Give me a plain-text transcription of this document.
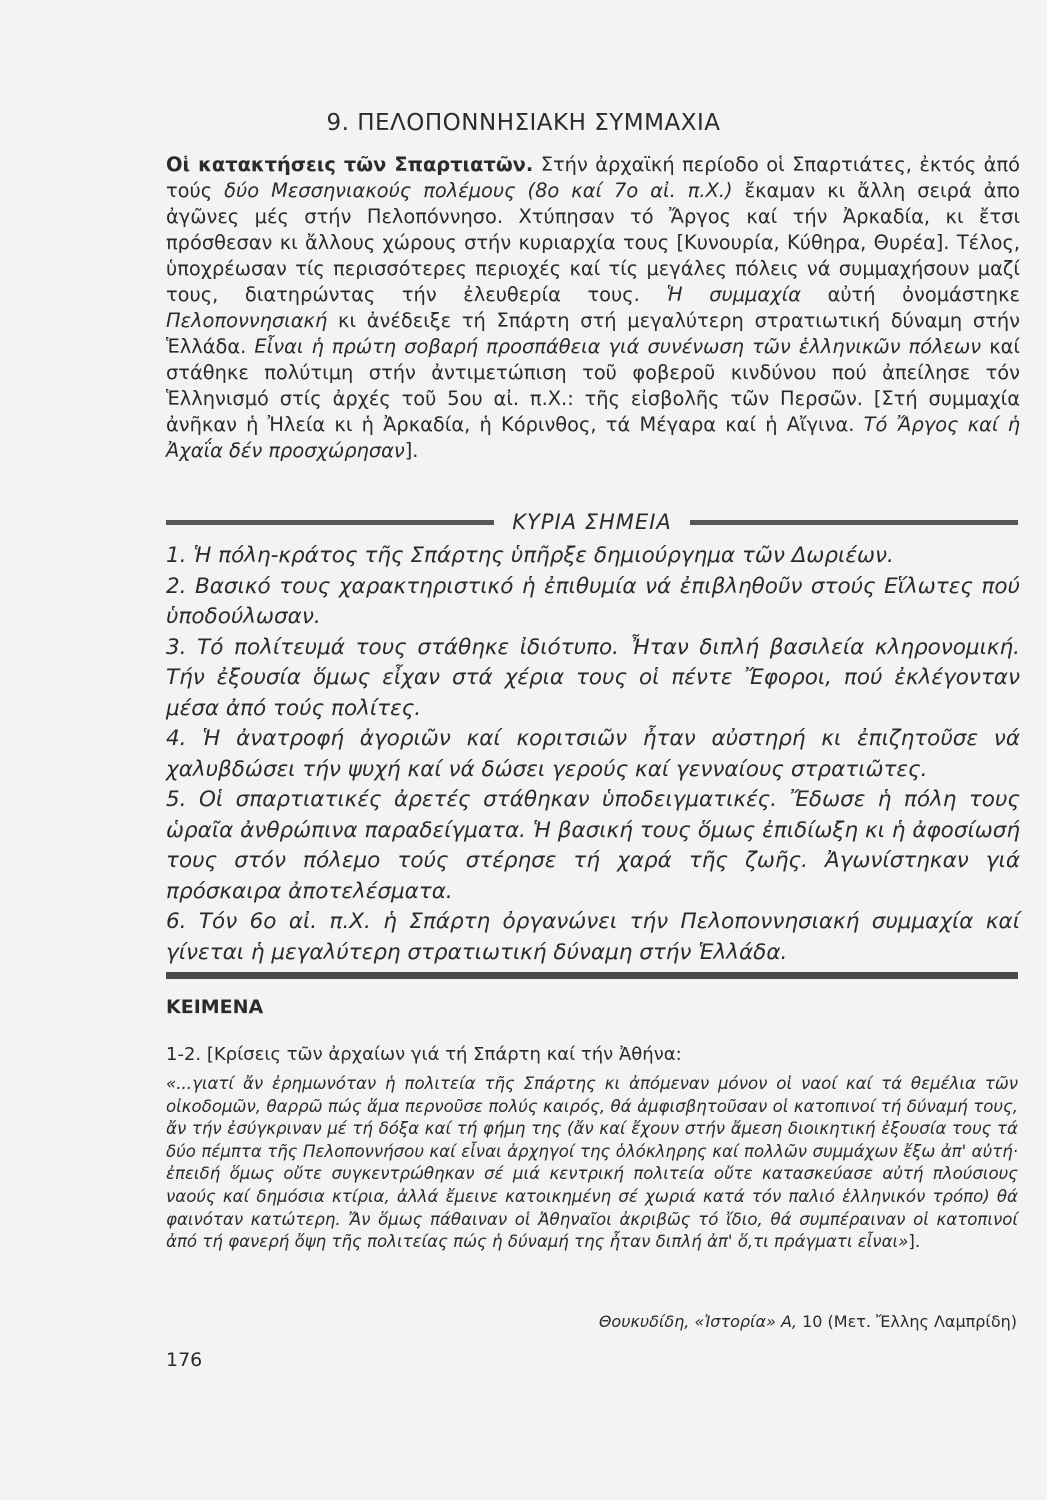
9. ΠΕΛΟΠΟΝΝΗΣΙΑΚΗ ΣΥΜΜΑΧΙΑ
Οἱ κατακτήσεις τῶν Σπαρτιατῶν. Στήν ἀρχαϊκή περίοδο οἱ Σπαρτιάτες, ἐκτός ἀπό τούς δύο Μεσσηνιακούς πολέμους (8ο καί 7ο αἰ. π.Χ.) ἔκαμαν κι ἄλλη σειρά ἀπο ἀγῶνες μές στήν Πελοπόννησο. Χτύπησαν τό Ἄργος καί τήν Ἀρκαδία, κι ἔτσι πρόσθεσαν κι ἄλλους χώρους στήν κυριαρχία τους [Κυνουρία, Κύθηρα, Θυρέα]. Τέλος, ὑποχρέωσαν τίς περισσότερες περιοχές καί τίς μεγάλες πόλεις νά συμμαχήσουν μαζί τους, διατηρώντας τήν ἐλευθερία τους. Ἡ συμμαχία αὐτή ὀνομάστηκε Πελοποννησιακή κι ἀνέδειξε τή Σπάρτη στή μεγαλύτερη στρατιωτική δύναμη στήν Ἑλλάδα. Εἶναι ἡ πρώτη σοβαρή προσπάθεια γιά συνένωση τῶν ἑλληνικῶν πόλεων καί στάθηκε πολύτιμη στήν ἀντιμετώπιση τοῦ φοβεροῦ κινδύνου πού ἀπείλησε τόν Ἑλληνισμό στίς ἀρχές τοῦ 5ου αἰ. π.Χ.: τῆς εἰσβολῆς τῶν Περσῶν. [Στή συμμαχία ἀνῆκαν ἡ Ἠλεία κι ἡ Ἀρκαδία, ἡ Κόρινθος, τά Μέγαρα καί ἡ Αἴγινα. Τό Ἄργος καί ἡ Ἀχαΐα δέν προσχώρησαν].
ΚΥΡΙΑ ΣΗΜΕΙΑ

1. Ἡ πόλη-κράτος τῆς Σπάρτης ὑπῆρξε δημιούργημα τῶν Δωριέων.

2. Βασικό τους χαρακτηριστικό ἡ ἐπιθυμία νά ἐπιβληθοῦν στούς Εἵλωτες πού ὑποδούλωσαν.

3. Τό πολίτευμά τους στάθηκε ἰδιότυπο. Ἦταν διπλή βασιλεία κληρονομική. Τήν ἐξουσία ὅμως εἶχαν στά χέρια τους οἱ πέντε Ἔφοροι, πού ἐκλέγονταν μέσα ἀπό τούς πολίτες.

4. Ἡ ἀνατροφή ἀγοριῶν καί κοριτσιῶν ἦταν αὐστηρή κι ἐπιζητοῦσε νά χαλυβδώσει τήν ψυχή καί νά δώσει γερούς καί γενναίους στρατιῶτες.

5. Οἱ σπαρτιατικές ἀρετές στάθηκαν ὑποδειγματικές. Ἔδωσε ἡ πόλη τους ὡραῖα ἀνθρώπινα παραδείγματα. Ἡ βασική τους ὅμως ἐπιδίωξη κι ἡ ἀφοσίωσή τους στόν πόλεμο τούς στέρησε τή χαρά τῆς ζωῆς. Ἀγωνίστηκαν γιά πρόσκαιρα ἀποτελέσματα.

6. Τόν 6ο αἰ. π.Χ. ἡ Σπάρτη ὀργανώνει τήν Πελοποννησιακή συμμαχία καί γίνεται ἡ μεγαλύτερη στρατιωτική δύναμη στήν Ἑλλάδα.

ΚΕΙΜΕΝΑ
1-2. [Κρίσεις τῶν ἀρχαίων γιά τή Σπάρτη καί τήν Ἀθήνα:
«...γιατί ἄν ἐρημωνόταν ἡ πολιτεία τῆς Σπάρτης κι ἀπόμεναν μόνον οἱ ναοί καί τά θεμέλια τῶν οἰκοδομῶν, θαρρῶ πώς ἅμα περνοῦσε πολύς καιρός, θά ἀμφισβητοῦσαν οἱ κατοπινοί τή δύναμή τους, ἄν τήν ἐσύγκριναν μέ τή δόξα καί τή φήμη της (ἄν καί ἔχουν στήν ἄμεση διοικητική ἐξουσία τους τά δύο πέμπτα τῆς Πελοποννήσου καί εἶναι ἀρχηγοί της ὁλόκληρης καί πολλῶν συμμάχων ἔξω ἀπ' αὐτή· ἐπειδή ὅμως οὔτε συγκεντρώθηκαν σέ μιά κεντρική πολιτεία οὔτε κατασκεύασε αὐτή πλούσιους ναούς καί δημόσια κτίρια, ἀλλά ἔμεινε κατοικημένη σέ χωριά κατά τόν παλιό ἑλληνικόν τρόπο) θά φαινόταν κατώτερη. Ἄν ὅμως πάθαιναν οἱ Ἀθηναῖοι ἀκριβῶς τό ἴδιο, θά συμπέραιναν οἱ κατοπινοί ἀπό τή φανερή ὄψη τῆς πολιτείας πώς ἡ δύναμή της ἦταν διπλή ἀπ' ὅ,τι πράγματι εἶναι»].
Θουκυδίδη, «Ἱστορία» Α, 10 (Μετ. Ἔλλης Λαμπρίδη)
176
